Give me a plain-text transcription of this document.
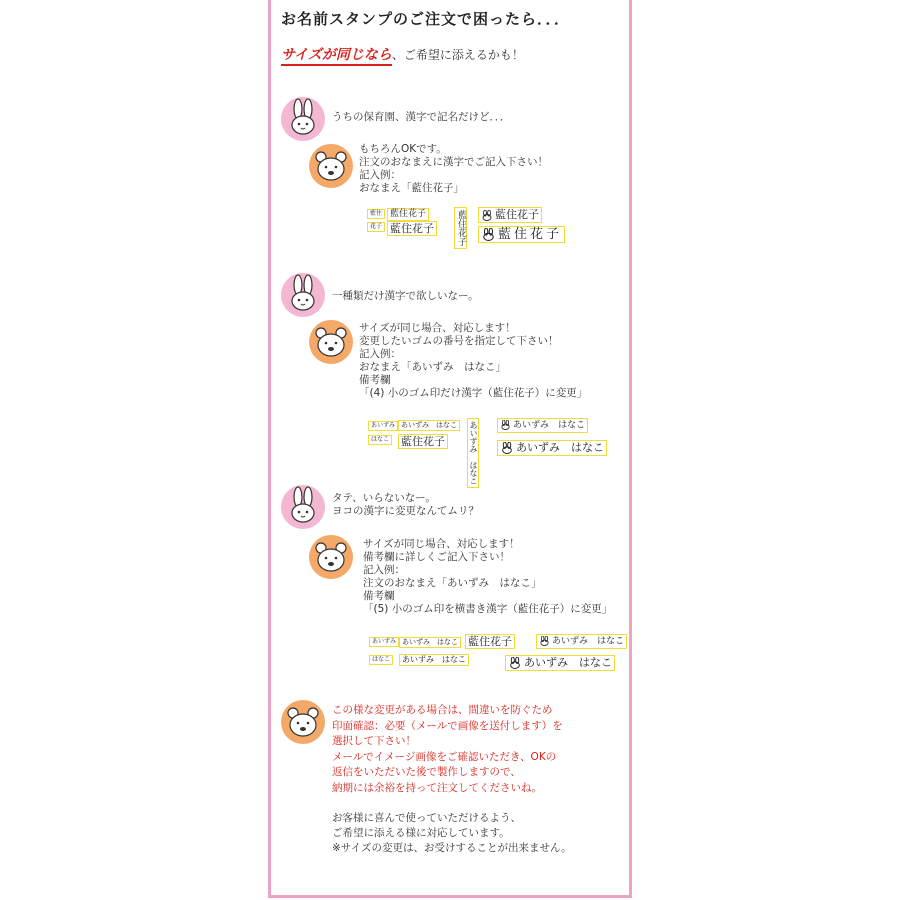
お名前スタンプのご注文で困ったら．．．
サイズが同じなら、ご希望に添えるかも！
うちの保育園、漢字で記名だけど．．．
もちろんOKです。
注文のおなまえに漢字でご記入下さい！
記入例：
おなまえ「藍住花子」
藍住
花子
藍住花子
藍住花子	藍住花子	藍住花子
藍住花子
一種類だけ漢字で欲しいなー。
サイズが同じ場合、対応します！
変更したいゴムの番号を指定して下さい！
記入例：
おなまえ「あいずみ　はなこ」
備考欄
「(4) 小のゴム印だけ漢字（藍住花子）に変更」
あいずみ
はなこ
あいずみ　はなこ
藍住花子	あいずみ　はなこ	あいずみ　はなこ
あいずみ　はなこ
タテ、いらないなー。
ヨコの漢字に変更なんてムリ？
サイズが同じ場合、対応します！
備考欄に詳しくご記入下さい！
記入例：
注文のおなまえ「あいずみ　はなこ」
備考欄
「(5) 小のゴム印を横書き漢字（藍住花子）に変更」
あいずみ
はなこ
あいずみ　はなこ
あいずみ　はなこ
藍住花子	あいずみ　はなこ
あいずみ　はなこ
この様な変更がある場合は、間違いを防ぐため
印面確認：必要（メールで画像を送付します）を
選択して下さい！
メールでイメージ画像をご確認いただき、OKの
返信をいただいた後で製作しますので、
納期には余裕を持って注文してくださいね。
お客様に喜んで使っていただけるよう、
ご希望に添える様に対応しています。
※サイズの変更は、お受けすることが出来ません。
